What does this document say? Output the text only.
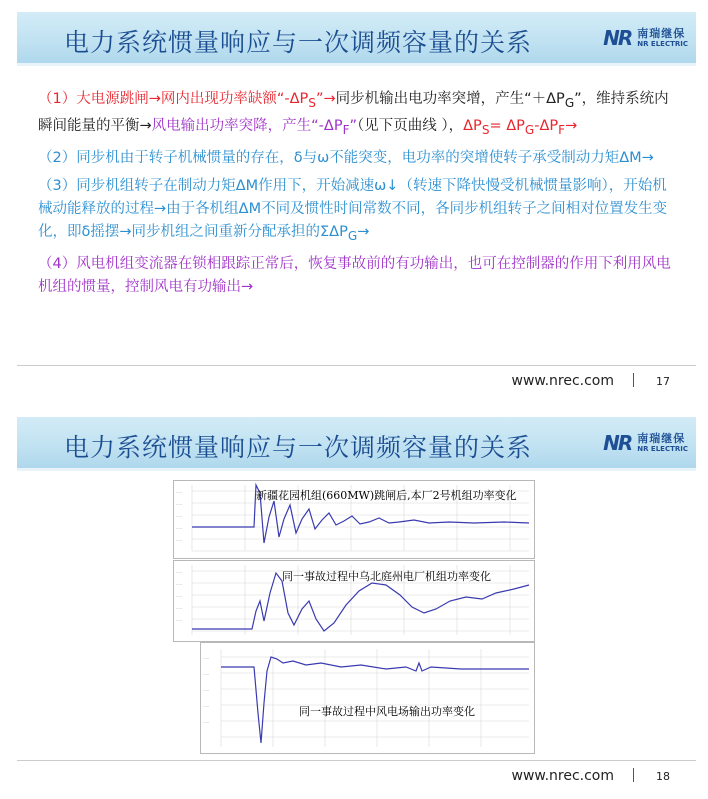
电力系统惯量响应与一次调频容量的关系	NR 南瑞继保
NR ELECTRIC

（1）大电源跳闸→网内出现功率缺额“$-\Delta P_S”\to$同步机输出电功率突增，产生“$+\Delta P_G$”，维持系统内瞬间能量的平衡→风电输出功率突降，产生“$-\Delta P_F$”（见下页曲线 ），$\Delta P_S= \Delta P_G-\Delta P_F\to$

（2）同步机由于转子机械惯量的存在，δ与ω不能突变，电功率的突增使转子承受制动力矩ΔM→

（3）同步机组转子在制动力矩ΔM作用下，开始减速ω↓（转速下降快慢受机械惯量影响），开始机械动能释放的过程→由于各机组ΔM不同及惯性时间常数不同，各同步机组转子之间相对位置发生变化，即δ摇摆→同步机组之间重新分配承担的$\Sigma\Delta P_G\to$

（4）风电机组变流器在锁相跟踪正常后，恢复事故前的有功输出，也可在控制器的作用下利用风电机组的惯量，控制风电有功输出→

www.nrec.com	17
电力系统惯量响应与一次调频容量的关系	NR 南瑞继保
NR ELECTRIC
.....
.....
.....
.....
.....
新疆花园机组(660MW)跳闸后,本厂2号机组功率变化
.....
.....
.....
.....
.....
同一事故过程中乌北庭州电厂机组功率变化
.....
.....
.....
.....
.....
同一事故过程中风电场输出功率变化
www.nrec.com	18
